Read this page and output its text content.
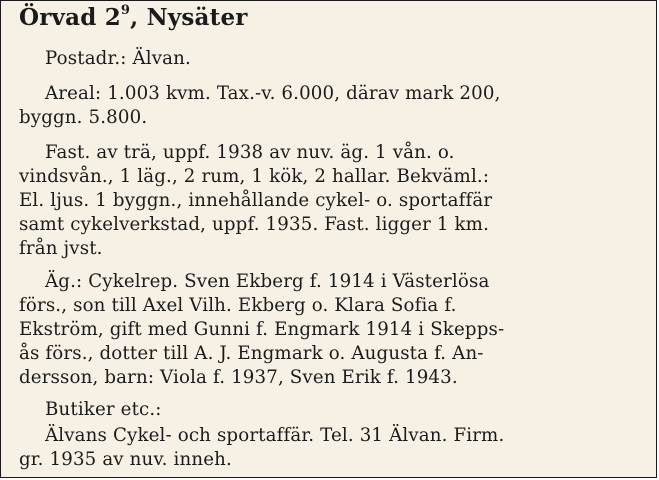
Örvad $2^9$, Nysäter
Postadr.: Älvan.
Areal: 1.003 kvm. Tax.-v. 6.000, därav mark 200,
byggn. 5.800.
Fast. av trä, uppf. 1938 av nuv. äg. 1 vån. o.
vindsvån., 1 läg., 2 rum, 1 kök, 2 hallar. Bekväml.:
El. ljus. 1 byggn., innehållande cykel- o. sportaffär
samt cykelverkstad, uppf. 1935. Fast. ligger 1 km.
från jvst.
Äg.: Cykelrep. Sven Ekberg f. 1914 i Västerlösa
förs., son till Axel Vilh. Ekberg o. Klara Sofia f.
Ekström, gift med Gunni f. Engmark 1914 i Skepps-
ås förs., dotter till A. J. Engmark o. Augusta f. An-
dersson, barn: Viola f. 1937, Sven Erik f. 1943.
Butiker etc.:
Älvans Cykel- och sportaffär. Tel. 31 Älvan. Firm.
gr. 1935 av nuv. inneh.
